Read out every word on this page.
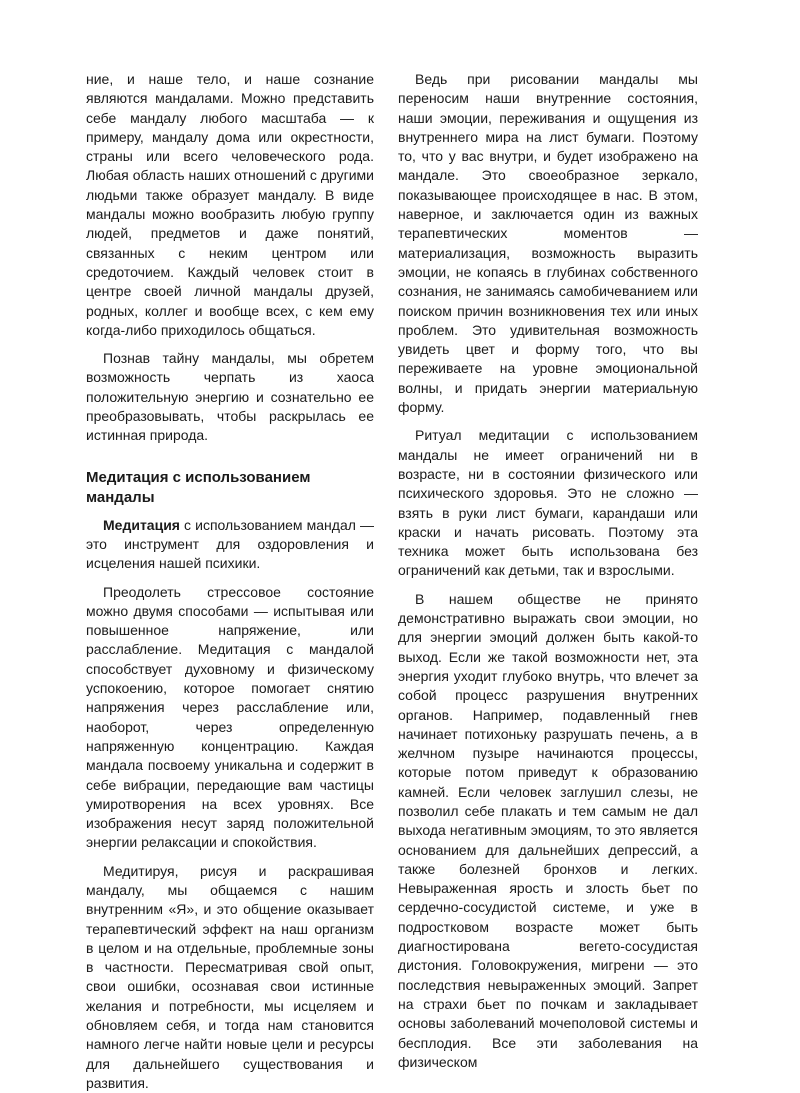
ние, и наше тело, и наше сознание являются мандалами. Можно представить себе мандалу любого масштаба — к примеру, мандалу дома или окрестности, страны или всего человеческого рода. Любая область наших отношений с другими людьми также образует мандалу. В виде мандалы можно вообразить любую группу людей, предметов и даже понятий, связанных с неким центром или средоточием. Каждый человек стоит в центре своей личной мандалы друзей, родных, коллег и вообще всех, с кем ему когда-либо приходилось общаться.

Познав тайну мандалы, мы обретем возможность черпать из хаоса положительную энергию и сознательно ее преобразовывать, чтобы раскрылась ее истинная природа.

Медитация с использованием мандалы

Медитация с использованием мандал — это инструмент для оздоровления и исцеления нашей психики.

Преодолеть стрессовое состояние можно двумя способами — испытывая или повышенное напряжение, или расслабление. Медитация с мандалой способствует духовному и физическому успокоению, которое помогает снятию напряжения через расслабление или, наоборот, через определенную напряженную концентрацию. Каждая мандала посвоему уникальна и содержит в себе вибрации, передающие вам частицы умиротворения на всех уровнях. Все изображения несут заряд положительной энергии релаксации и спокойствия.

Медитируя, рисуя и раскрашивая мандалу, мы общаемся с нашим внутренним «Я», и это общение оказывает терапевтический эффект на наш организм в целом и на отдельные, проблемные зоны в частности. Пересматривая свой опыт, свои ошибки, осознавая свои истинные желания и потребности, мы исцеляем и обновляем себя, и тогда нам становится намного легче найти новые цели и ресурсы для дальнейшего существования и развития.

Ведь при рисовании мандалы мы переносим наши внутренние состояния, наши эмоции, переживания и ощущения из внутреннего мира на лист бумаги. Поэтому то, что у вас внутри, и будет изображено на мандале. Это своеобразное зеркало, показывающее происходящее в нас. В этом, наверное, и заключается один из важных терапевтических моментов — материализация, возможность выразить эмоции, не копаясь в глубинах собственного сознания, не занимаясь самобичеванием или поиском причин возникновения тех или иных проблем. Это удивительная возможность увидеть цвет и форму того, что вы переживаете на уровне эмоциональной волны, и придать энергии материальную форму.

Ритуал медитации с использованием мандалы не имеет ограничений ни в возрасте, ни в состоянии физического или психического здоровья. Это не сложно — взять в руки лист бумаги, карандаши или краски и начать рисовать. Поэтому эта техника может быть использована без ограничений как детьми, так и взрослыми.

В нашем обществе не принято демонстративно выражать свои эмоции, но для энергии эмоций должен быть какой-то выход. Если же такой возможности нет, эта энергия уходит глубоко внутрь, что влечет за собой процесс разрушения внутренних органов. Например, подавленный гнев начинает потихоньку разрушать печень, а в желчном пузыре начинаются процессы, которые потом приведут к образованию камней. Если человек заглушил слезы, не позволил себе плакать и тем самым не дал выхода негативным эмоциям, то это является основанием для дальнейших депрессий, а также болезней бронхов и легких. Невыраженная ярость и злость бьет по сердечно-сосудистой системе, и уже в подростковом возрасте может быть диагностирована вегето-сосудистая дистония. Головокружения, мигрени — это последствия невыраженных эмоций. Запрет на страхи бьет по почкам и закладывает основы заболеваний мочеполовой системы и бесплодия. Все эти заболевания на физическом
